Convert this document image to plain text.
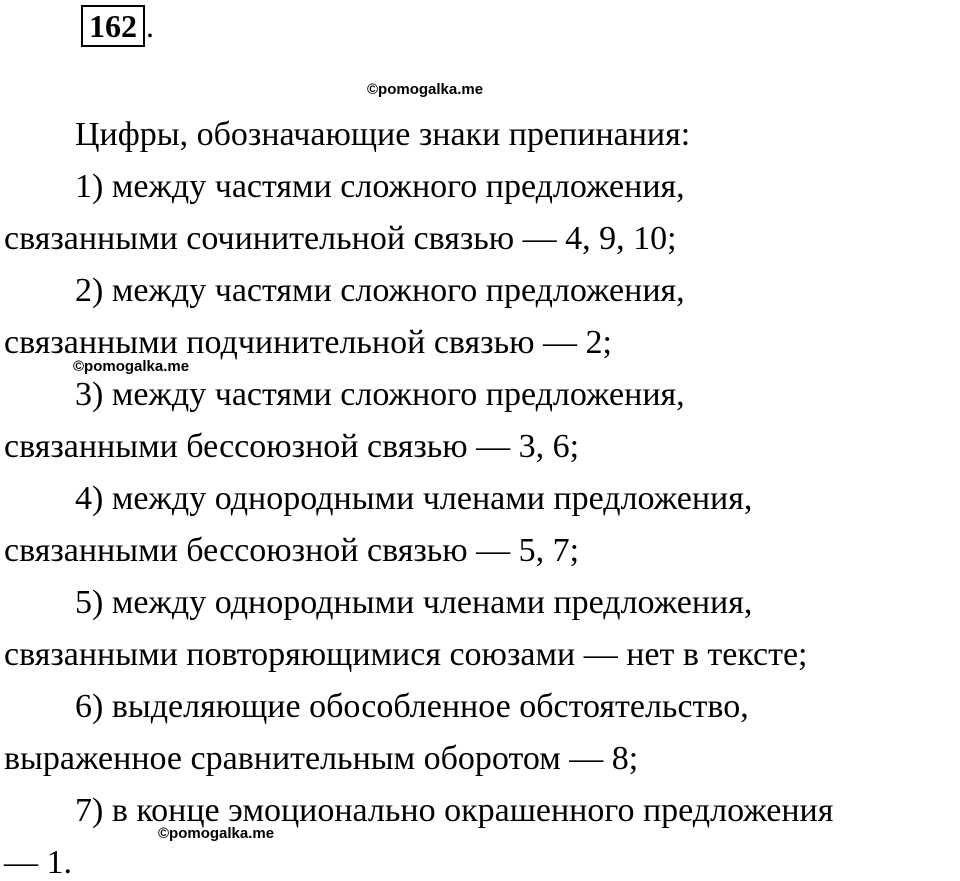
162 .
©pomogalka.me
©pomogalka.me
©pomogalka.me
Цифры, обозначающие знаки препинания:
1) между частями сложного предложения,
связанными сочинительной связью — 4, 9, 10;
2) между частями сложного предложения,
связанными подчинительной связью — 2;
3) между частями сложного предложения,
связанными бессоюзной связью — 3, 6;
4) между однородными членами предложения,
связанными бессоюзной связью — 5, 7;
5) между однородными членами предложения,
связанными повторяющимися союзами — нет в тексте;
6) выделяющие обособленное обстоятельство,
выраженное сравнительным оборотом — 8;
7) в конце эмоционально окрашенного предложения
— 1.
